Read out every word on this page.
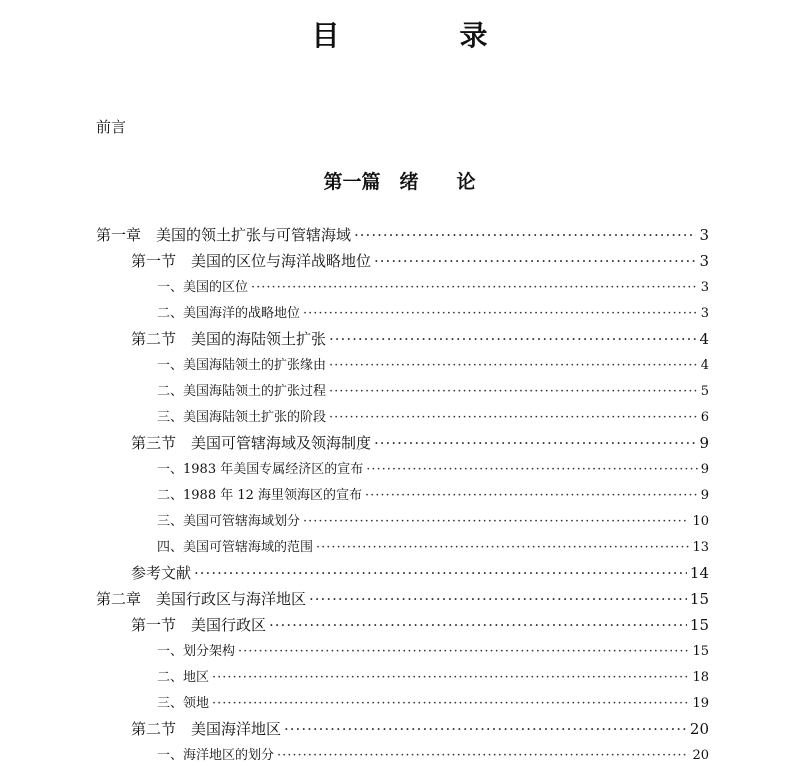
目　录
前言
第一篇　绪　　论
第一章　美国的领土扩张与可管辖海域 ·····	3
第一节　美国的区位与海洋战略地位 ·····	3
一、美国的区位 ·····	3
二、美国海洋的战略地位 ·····	3
第二节　美国的海陆领土扩张 ·····	4
一、美国海陆领土的扩张缘由 ·····	4
二、美国海陆领土的扩张过程 ·····	5
三、美国海陆领土扩张的阶段 ·····	6
第三节　美国可管辖海域及领海制度 ·····	9
一、1983 年美国专属经济区的宣布 ·····	9
二、1988 年 12 海里领海区的宣布 ·····	9
三、美国可管辖海域划分 ·····	10
四、美国可管辖海域的范围 ·····	13
参考文献 ·····	14
第二章　美国行政区与海洋地区 ·····	15
第一节　美国行政区 ·····	15
一、划分架构 ·····	15
二、地区 ·····	18
三、领地 ·····	19
第二节　美国海洋地区 ·····	20
一、海洋地区的划分 ·····	20
